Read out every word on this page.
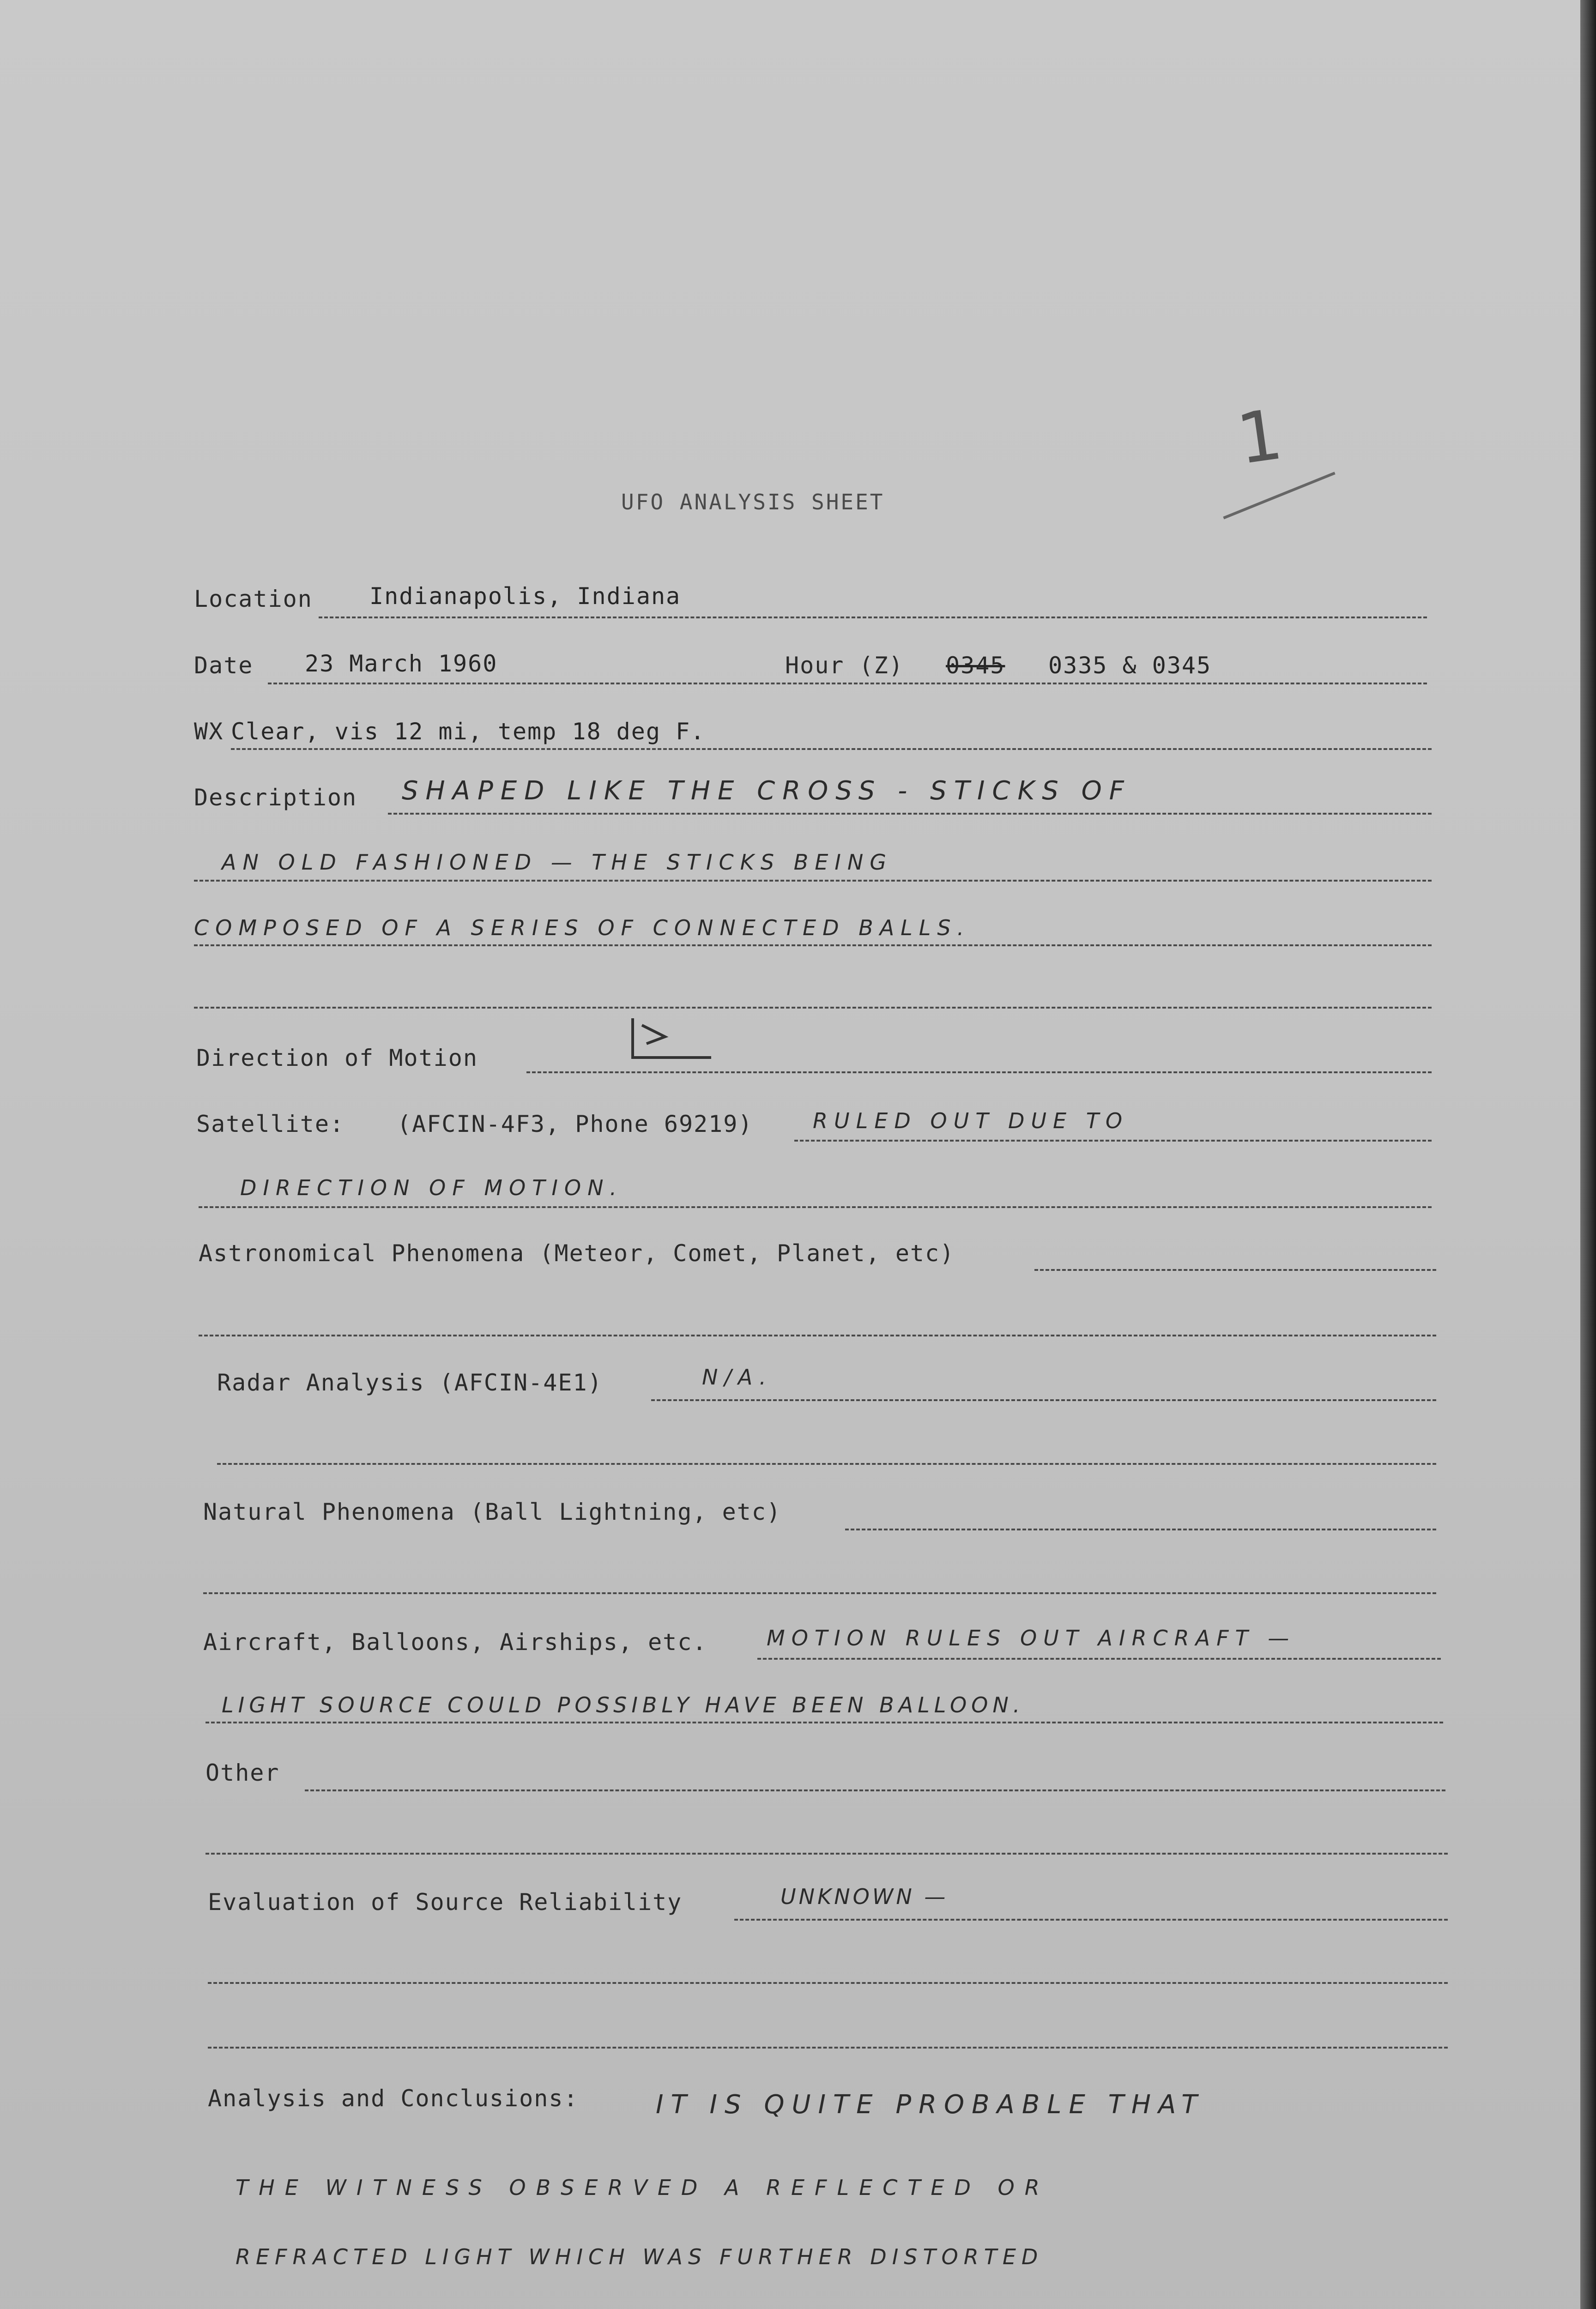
1
UFO ANALYSIS SHEET
Location Indianapolis, Indiana
Date 23 March 1960	Hour (Z) 0345 0335 & 0345
WX Clear, vis 12 mi, temp 18 deg F.
Description SHAPED LIKE THE CROSS - STICKS OF
AN OLD FASHIONED — THE STICKS BEING
COMPOSED OF A SERIES OF CONNECTED BALLS.
Direction of Motion
Satellite: (AFCIN-4F3, Phone 69219)	RULED OUT DUE TO
DIRECTION OF MOTION.
Astronomical Phenomena (Meteor, Comet, Planet, etc)
Radar Analysis (AFCIN-4E1)	N/A.
Natural Phenomena (Ball Lightning, etc)
Aircraft, Balloons, Airships, etc.	MOTION RULES OUT AIRCRAFT —
LIGHT SOURCE COULD POSSIBLY HAVE BEEN BALLOON.
Other
Evaluation of Source Reliability	UNKNOWN —
Analysis and Conclusions:	IT IS QUITE PROBABLE THAT
THE WITNESS OBSERVED A REFLECTED OR
REFRACTED LIGHT WHICH WAS FURTHER DISTORTED
